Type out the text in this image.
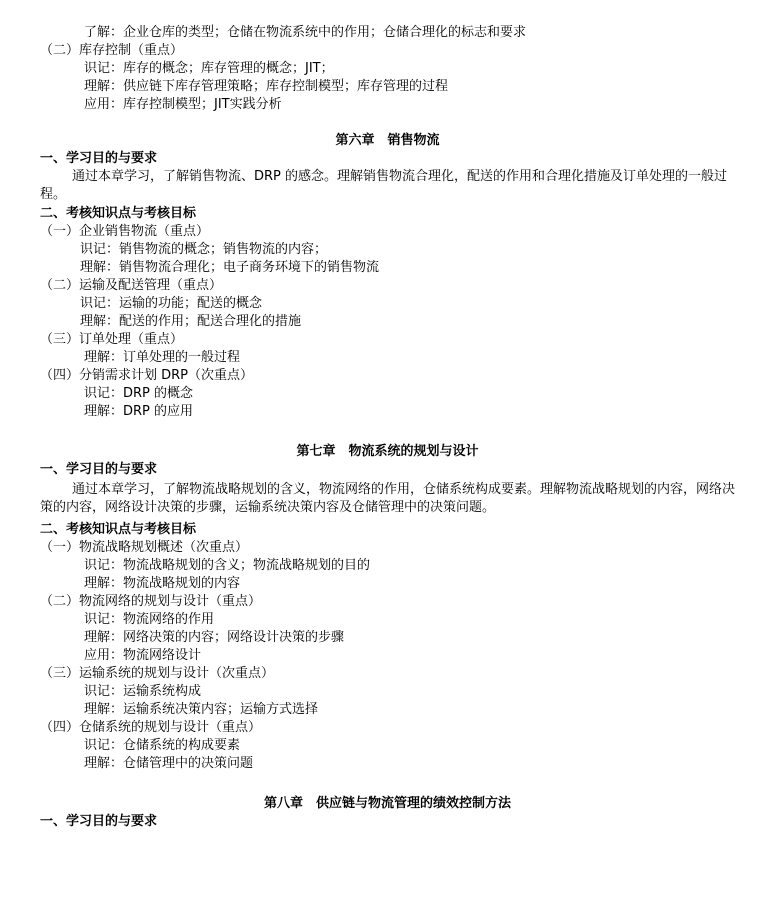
了解：企业仓库的类型；仓储在物流系统中的作用；仓储合理化的标志和要求
（二）库存控制（重点）
识记：库存的概念；库存管理的概念；JIT；
理解：供应链下库存管理策略；库存控制模型；库存管理的过程
应用：库存控制模型；JIT实践分析
第六章　销售物流
一、学习目的与要求
通过本章学习，了解销售物流、DRP 的感念。理解销售物流合理化，配送的作用和合理化措施及订单处理的一般过程。
二、考核知识点与考核目标
（一）企业销售物流（重点）
识记：销售物流的概念；销售物流的内容；
理解：销售物流合理化；电子商务环境下的销售物流
（二）运输及配送管理（重点）
识记：运输的功能；配送的概念
理解：配送的作用；配送合理化的措施
（三）订单处理（重点）
理解：订单处理的一般过程
（四）分销需求计划 DRP（次重点）
识记：DRP 的概念
理解：DRP 的应用
第七章　物流系统的规划与设计
一、学习目的与要求
通过本章学习，了解物流战略规划的含义，物流网络的作用，仓储系统构成要素。理解物流战略规划的内容，网络决策的内容，网络设计决策的步骤，运输系统决策内容及仓储管理中的决策问题。
二、考核知识点与考核目标
（一）物流战略规划概述（次重点）
识记：物流战略规划的含义；物流战略规划的目的
理解：物流战略规划的内容
（二）物流网络的规划与设计（重点）
识记：物流网络的作用
理解：网络决策的内容；网络设计决策的步骤
应用：物流网络设计
（三）运输系统的规划与设计（次重点）
识记：运输系统构成
理解：运输系统决策内容；运输方式选择
（四）仓储系统的规划与设计（重点）
识记：仓储系统的构成要素
理解：仓储管理中的决策问题
第八章　供应链与物流管理的绩效控制方法
一、学习目的与要求
